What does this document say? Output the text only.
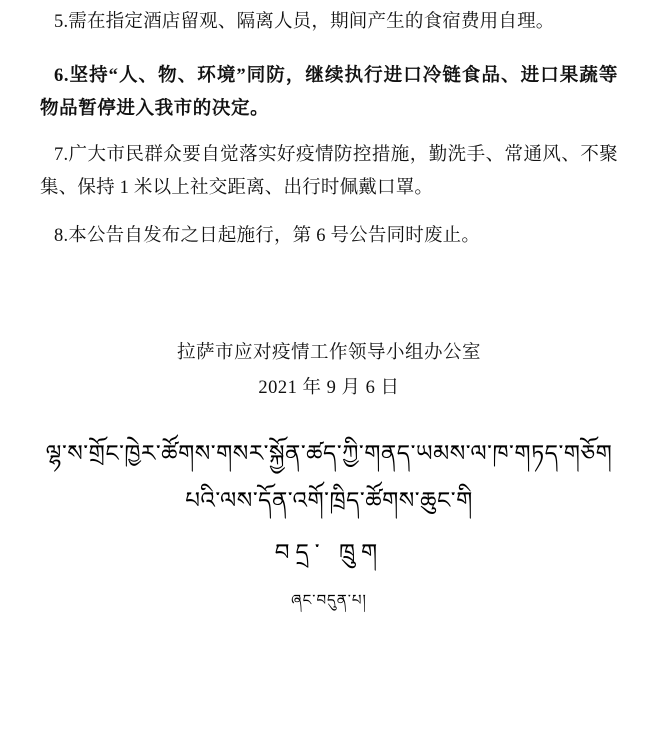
5.需在指定酒店留观、隔离人员，期间产生的食宿费用自理。

6.坚持“人、物、环境”同防，继续执行进口冷链食品、进口果蔬等物品暂停进入我市的决定。

7.广大市民群众要自觉落实好疫情防控措施，勤洗手、常通风、不聚集、保持 1 米以上社交距离、出行时佩戴口罩。

8.本公告自发布之日起施行，第 6 号公告同时废止。

拉萨市应对疫情工作领导小组办公室
2021 年 9 月 6 日
ལྷ་ས་གྲོང་ཁྱེར་ཚོགས་གསར་སྐྱོན་ཚད་ཀྱི་གནད་ཡམས་ལ་ཁ་གཏད་གཅོག
པའི་ལས་དོན་འགོ་ཁྲིད་ཚོགས་ཆུང་གི
བདྲ་ ཁྲུག
ཞང་བདུན་པ།
